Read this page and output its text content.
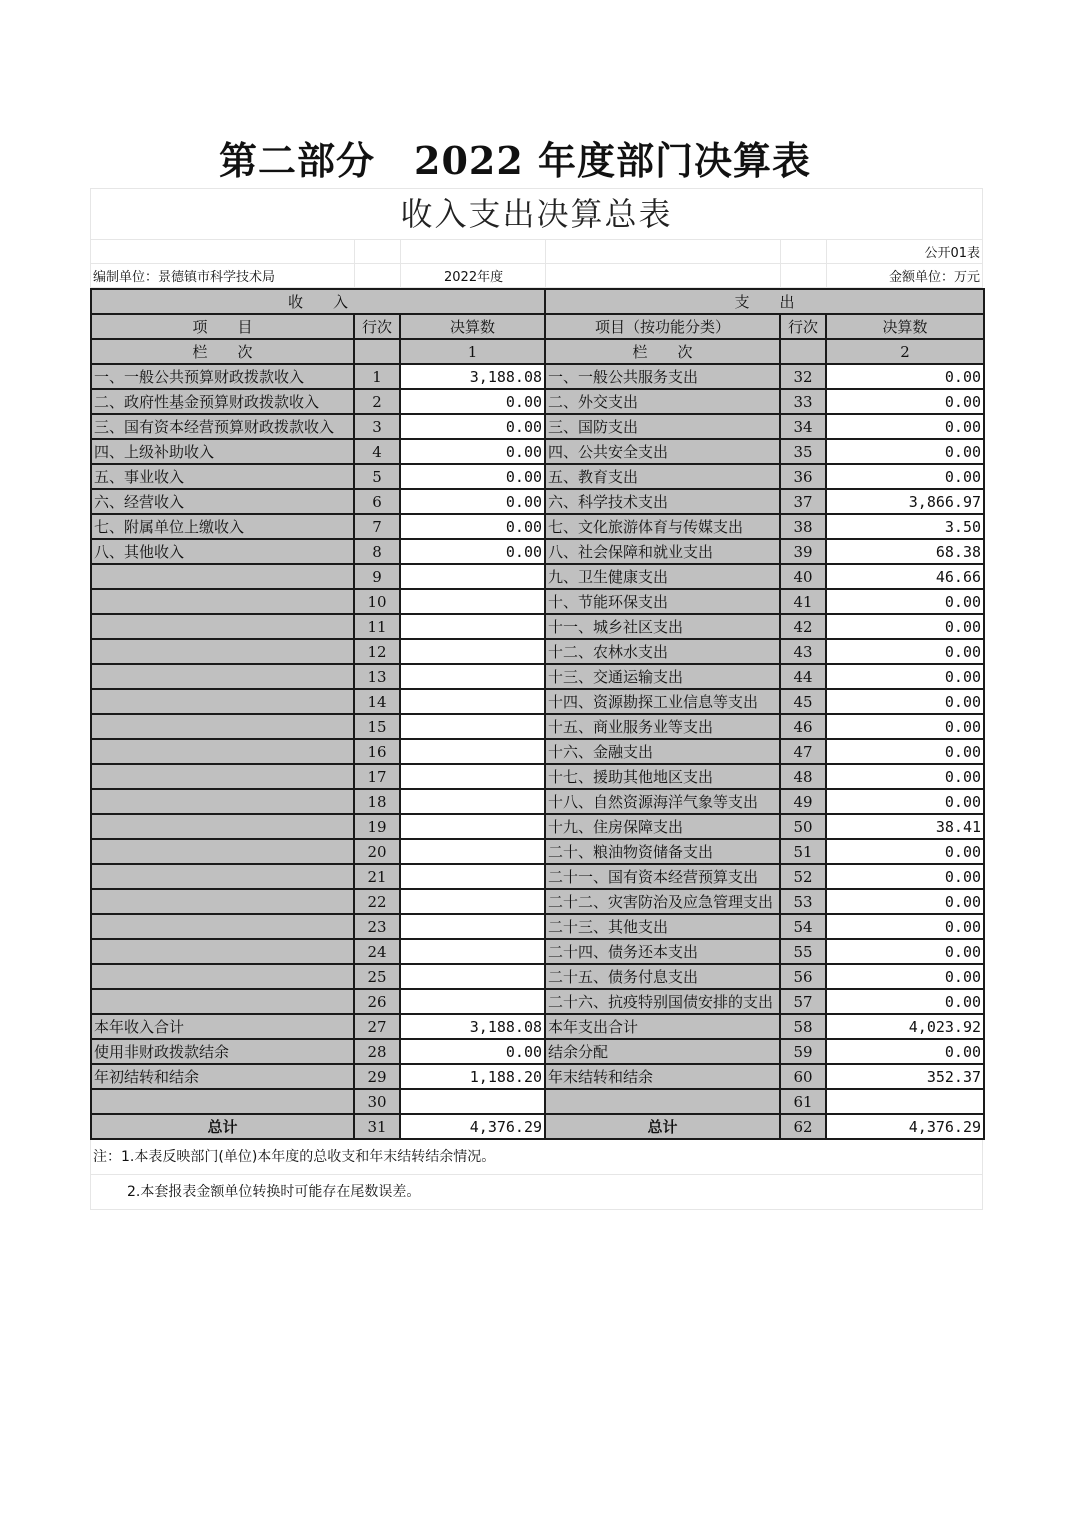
第二部分　2022 年度部门决算表
收入支出决算总表
公开01表
编制单位：景德镇市科学技术局	2022年度	金额单位：万元
收　　入			支　　出		
项　　目	行次	决算数	项目（按功能分类）	行次	决算数
栏　　次		1	栏　　次		2
一、一般公共预算财政拨款收入	1	3,188.08	一、一般公共服务支出	32	0.00
二、政府性基金预算财政拨款收入	2	0.00	二、外交支出	33	0.00
三、国有资本经营预算财政拨款收入	3	0.00	三、国防支出	34	0.00
四、上级补助收入	4	0.00	四、公共安全支出	35	0.00
五、事业收入	5	0.00	五、教育支出	36	0.00
六、经营收入	6	0.00	六、科学技术支出	37	3,866.97
七、附属单位上缴收入	7	0.00	七、文化旅游体育与传媒支出	38	3.50
八、其他收入	8	0.00	八、社会保障和就业支出	39	68.38
	9		九、卫生健康支出	40	46.66
	10		十、节能环保支出	41	0.00
	11		十一、城乡社区支出	42	0.00
	12		十二、农林水支出	43	0.00
	13		十三、交通运输支出	44	0.00
	14		十四、资源勘探工业信息等支出	45	0.00
	15		十五、商业服务业等支出	46	0.00
	16		十六、金融支出	47	0.00
	17		十七、援助其他地区支出	48	0.00
	18		十八、自然资源海洋气象等支出	49	0.00
	19		十九、住房保障支出	50	38.41
	20		二十、粮油物资储备支出	51	0.00
	21		二十一、国有资本经营预算支出	52	0.00
	22		二十二、灾害防治及应急管理支出	53	0.00
	23		二十三、其他支出	54	0.00
	24		二十四、债务还本支出	55	0.00
	25		二十五、债务付息支出	56	0.00
	26		二十六、抗疫特别国债安排的支出	57	0.00
本年收入合计	27	3,188.08	本年支出合计	58	4,023.92
使用非财政拨款结余	28	0.00	结余分配	59	0.00
年初结转和结余	29	1,188.20	年末结转和结余	60	352.37
	30			61	
总计	31	4,376.29	总计	62	4,376.29
注：1.本表反映部门(单位)本年度的总收支和年末结转结余情况。
2.本套报表金额单位转换时可能存在尾数误差。
